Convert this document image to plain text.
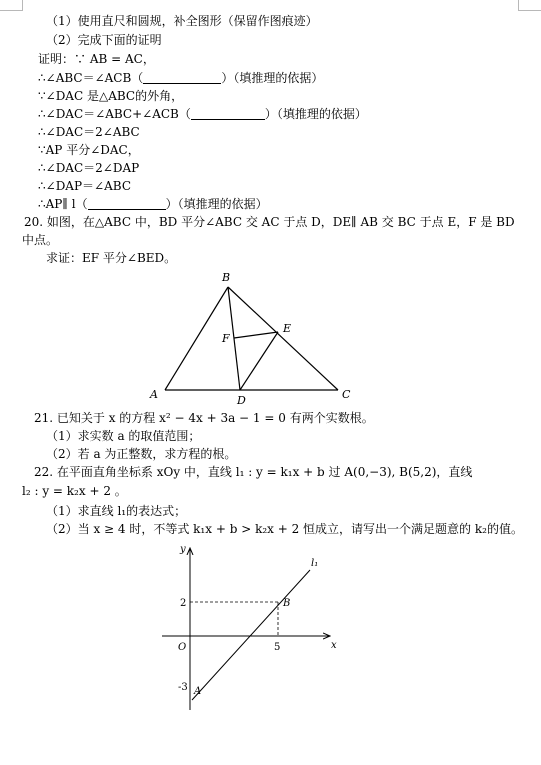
（1）使用直尺和圆规，补全图形（保留作图痕迹）
（2）完成下面的证明
证明：∵ AB = AC，
∴∠ABC＝∠ACB（	）（填推理的依据）
∵∠DAC 是△ABC的外角，
∴∠DAC＝∠ABC+∠ACB（	）（填推理的依据）
∴∠DAC＝2∠ABC
∵AP 平分∠DAC，
∴∠DAC＝2∠DAP
∴∠DAP＝∠ABC
∴AP∥ l（	）（填推理的依据）
20. 如图，在△ABC 中，BD 平分∠ABC 交 AC 于点 D，DE∥ AB 交 BC 于点 E，F 是 BD
中点。
求证：EF 平分∠BED。
B
A	C
D
E
F
21. 已知关于 x 的方程 x² − 4x + 3a − 1 = 0 有两个实数根。
（1）求实数 a 的取值范围；
（2）若 a 为正整数，求方程的根。
22. 在平面直角坐标系 xOy 中，直线 l₁ : y = k₁x + b 过 A(0,−3), B(5,2)，直线
l₂ : y = k₂x + 2 。
（1）求直线 l₁的表达式；
（2）当 x ≥ 4 时，不等式 k₁x + b > k₂x + 2 恒成立，请写出一个满足题意的 k₂的值。
y
x
O
l₁
2
-3
5
B
A
